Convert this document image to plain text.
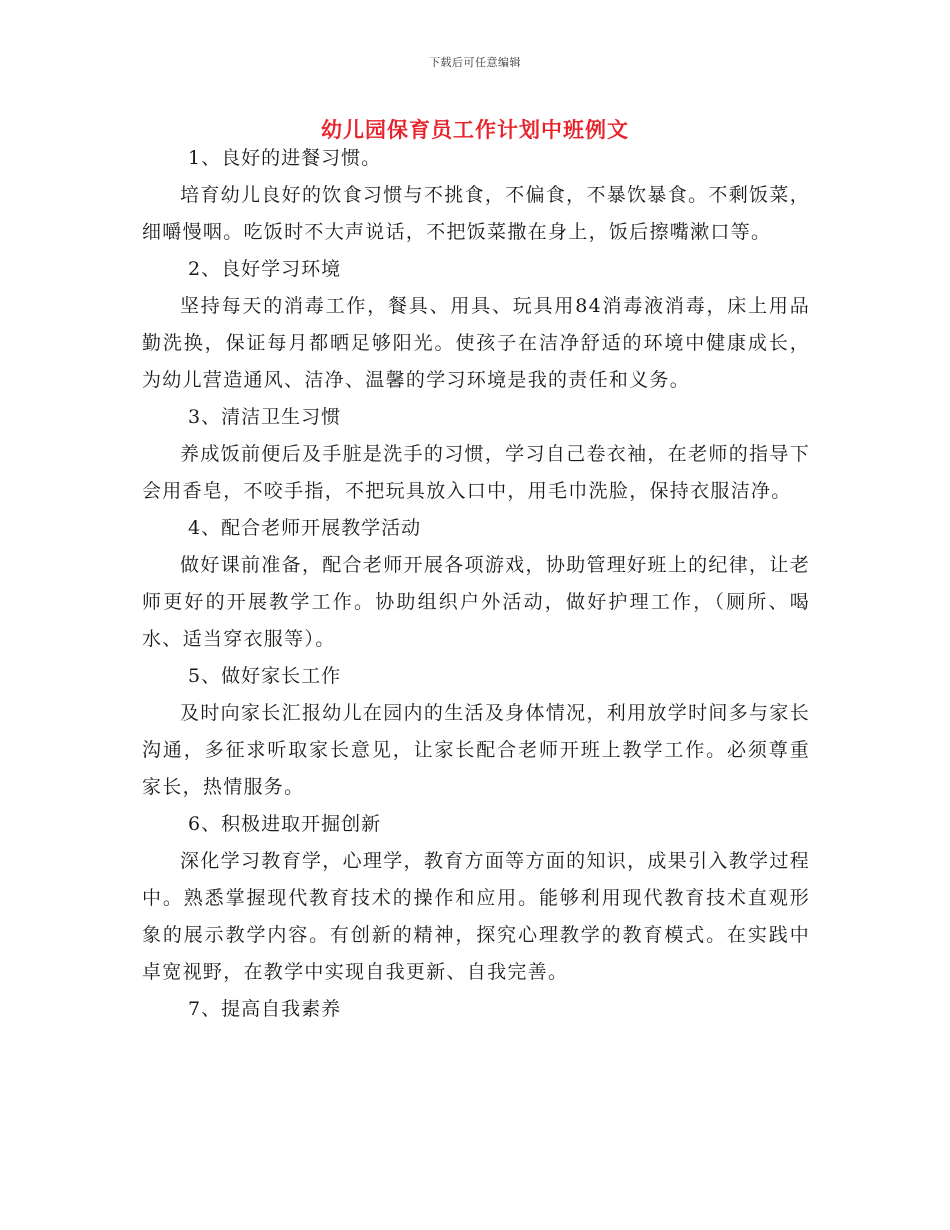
下载后可任意编辑
幼儿园保育员工作计划中班例文

1、良好的进餐习惯。

培育幼儿良好的饮食习惯与不挑食，不偏食，不暴饮暴食。不剩饭菜，细嚼慢咽。吃饭时不大声说话，不把饭菜撒在身上，饭后擦嘴漱口等。

2、良好学习环境

坚持每天的消毒工作，餐具、用具、玩具用84消毒液消毒，床上用品勤洗换，保证每月都晒足够阳光。使孩子在洁净舒适的环境中健康成长，为幼儿营造通风、洁净、温馨的学习环境是我的责任和义务。

3、清洁卫生习惯

养成饭前便后及手脏是洗手的习惯，学习自己卷衣袖，在老师的指导下会用香皂，不咬手指，不把玩具放入口中，用毛巾洗脸，保持衣服洁净。

4、配合老师开展教学活动

做好课前准备，配合老师开展各项游戏，协助管理好班上的纪律，让老师更好的开展教学工作。协助组织户外活动，做好护理工作，（厕所、喝水、适当穿衣服等）。

5、做好家长工作

及时向家长汇报幼儿在园内的生活及身体情况，利用放学时间多与家长沟通，多征求听取家长意见，让家长配合老师开班上教学工作。必须尊重家长，热情服务。

6、积极进取开掘创新

深化学习教育学，心理学，教育方面等方面的知识，成果引入教学过程中。熟悉掌握现代教育技术的操作和应用。能够利用现代教育技术直观形象的展示教学内容。有创新的精神，探究心理教学的教育模式。在实践中卓宽视野，在教学中实现自我更新、自我完善。

7、提高自我素养
